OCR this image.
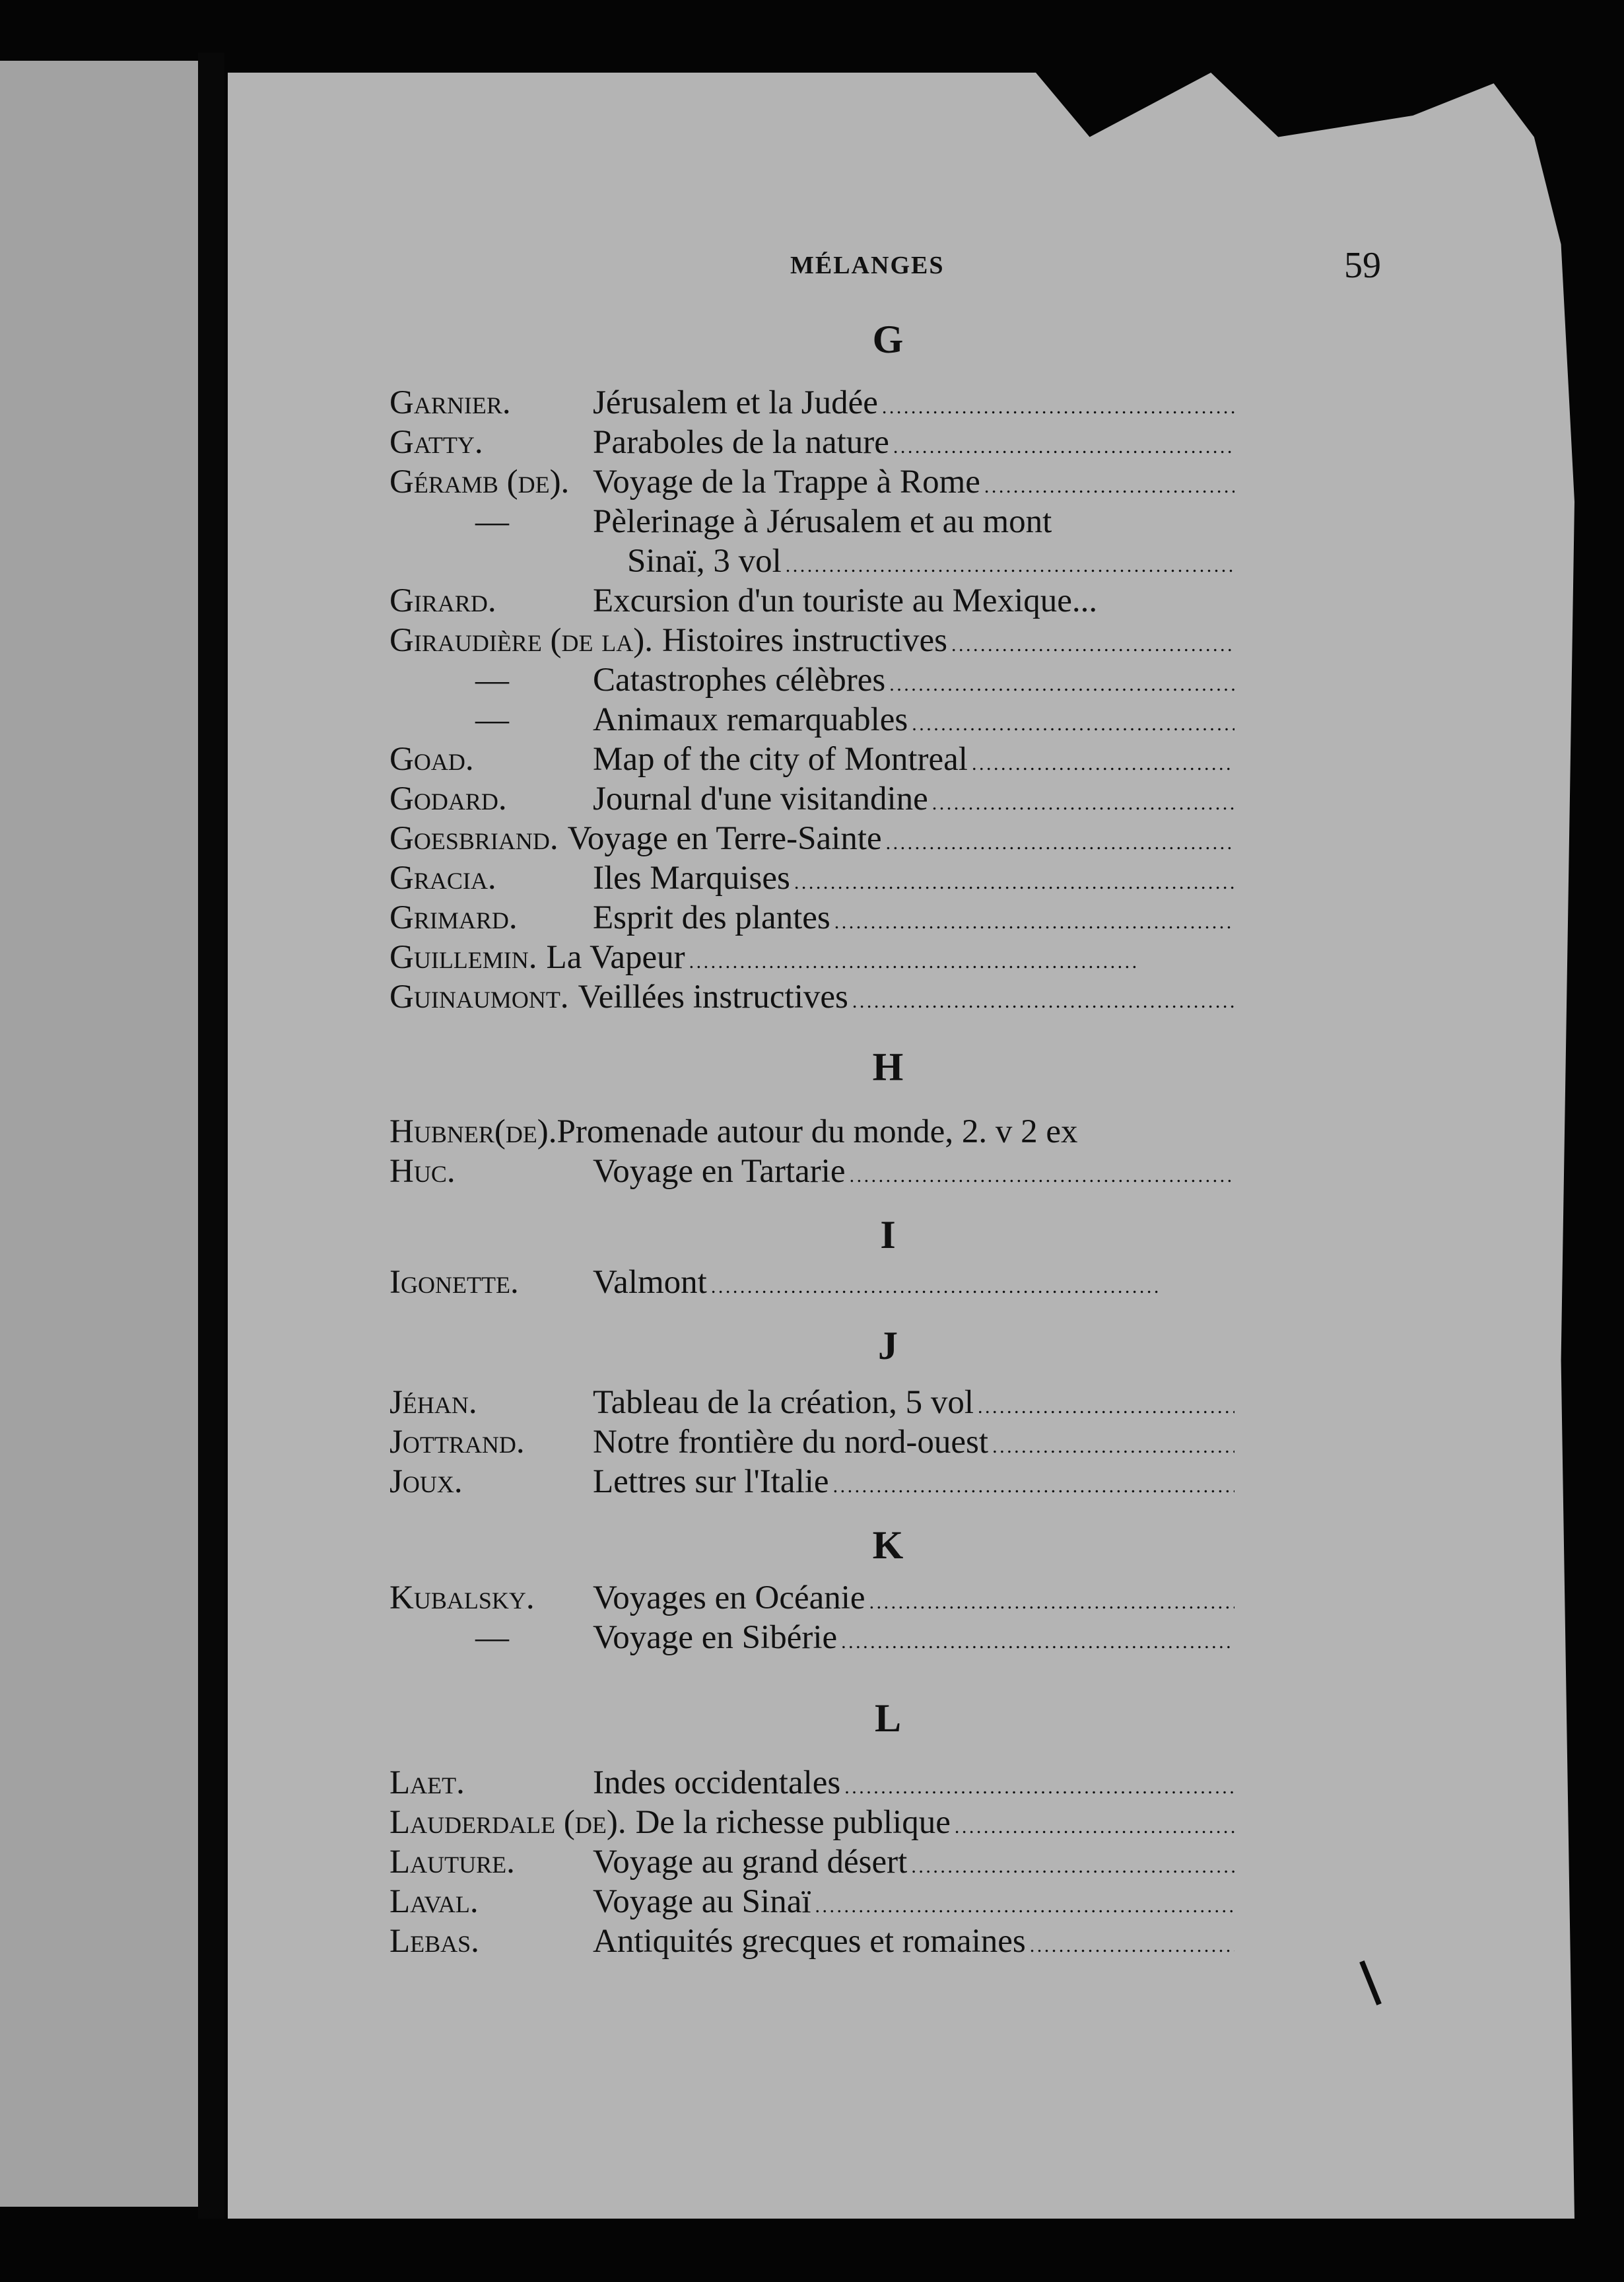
MÉLANGES	59
G
Garnier.	Jérusalem et la Judée
. . .
Gatty.	Paraboles de la nature
. . .
Géramb (de). Voyage de la Trappe à Rome
. . .
—	Pèlerinage à Jérusalem et au mont
Sinaï, 3 vol
. . .
Girard.	Excursion d'un touriste au Mexique...
Giraudière (de la). Histoires instructives
. . .
—	Catastrophes célèbres
. . .
—	Animaux remarquables
. . .
Goad.	Map of the city of Montreal
. . .
Godard.	Journal d'une visitandine
. . .
Goesbriand. Voyage en Terre-Sainte
. . .
Gracia.	Iles Marquises
. . .
Grimard.	Esprit des plantes
. . .
Guillemin. La Vapeur
. . .
Guinaumont. Veillées instructives
. . .
H
Hubner(de). Promenade autour du monde, 2. v 2 ex
Huc.	Voyage en Tartarie
. . .
I
Igonette.	Valmont
. . .
J
Jéhan.	Tableau de la création, 5 vol
. . .
Jottrand.	Notre frontière du nord-ouest
. . .
Joux.	Lettres sur l'Italie
. . .
K
Kubalsky.	Voyages en Océanie
. . .
—	Voyage en Sibérie
. . .
L
Laet.	Indes occidentales
. . .
Lauderdale (de). De la richesse publique
. . .
Lauture.	Voyage au grand désert
. . .
Laval.	Voyage au Sinaï
. . .
Lebas.	Antiquités grecques et romaines
. . .
